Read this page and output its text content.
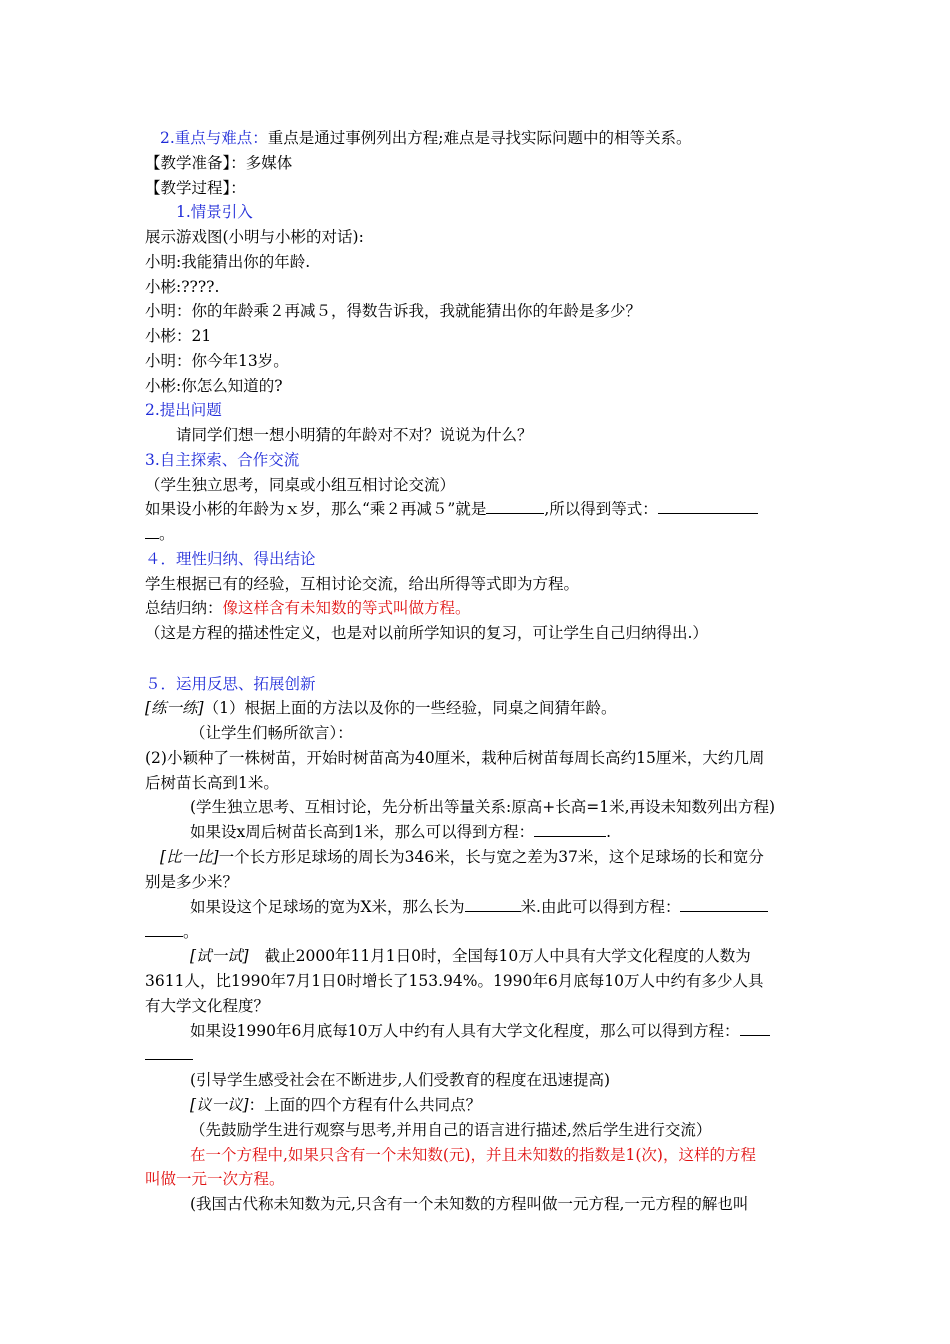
2.重点与难点：重点是通过事例列出方程;难点是寻找实际问题中的相等关系。
【教学准备】：多媒体
【教学过程】：
1.情景引入
展示游戏图(小明与小彬的对话):
小明:我能猜出你的年龄.
小彬:????.
小明：你的年龄乘２再减５，得数告诉我，我就能猜出你的年龄是多少？
小彬：21
小明：你今年13岁。
小彬:你怎么知道的?
2.提出问题
请同学们想一想小明猜的年龄对不对？说说为什么？
3.自主探索、合作交流
（学生独立思考，同桌或小组互相讨论交流）
如果设小彬的年龄为ｘ岁，那么“乘２再减５”就是	,所以得到等式：
。
４．理性归纳、得出结论
学生根据已有的经验，互相讨论交流，给出所得等式即为方程。
总结归纳：像这样含有未知数的等式叫做方程。
（这是方程的描述性定义，也是对以前所学知识的复习，可让学生自己归纳得出.）
５．运用反思、拓展创新
[练一练]（1）根据上面的方法以及你的一些经验，同桌之间猜年龄。
（让学生们畅所欲言）：
(2)小颖种了一株树苗，开始时树苗高为40厘米，栽种后树苗每周长高约15厘米，大约几周
后树苗长高到1米。
(学生独立思考、互相讨论，先分析出等量关系:原高+长高=1米,再设未知数列出方程)
如果设x周后树苗长高到1米，那么可以得到方程：	.
[比一比]一个长方形足球场的周长为346米，长与宽之差为37米，这个足球场的长和宽分
别是多少米？
如果设这个足球场的宽为X米，那么长为	米.由此可以得到方程：
。
[试一试] 截止2000年11月1日0时，全国每10万人中具有大学文化程度的人数为
3611人，比1990年7月1日0时增长了153.94%。1990年6月底每10万人中约有多少人具
有大学文化程度？
如果设1990年6月底每10万人中约有人具有大学文化程度，那么可以得到方程：
(引导学生感受社会在不断进步,人们受教育的程度在迅速提高)
[议一议]：上面的四个方程有什么共同点？
（先鼓励学生进行观察与思考,并用自己的语言进行描述,然后学生进行交流）
在一个方程中,如果只含有一个未知数(元)，并且未知数的指数是1(次)，这样的方程
叫做一元一次方程。
(我国古代称未知数为元,只含有一个未知数的方程叫做一元方程,一元方程的解也叫
